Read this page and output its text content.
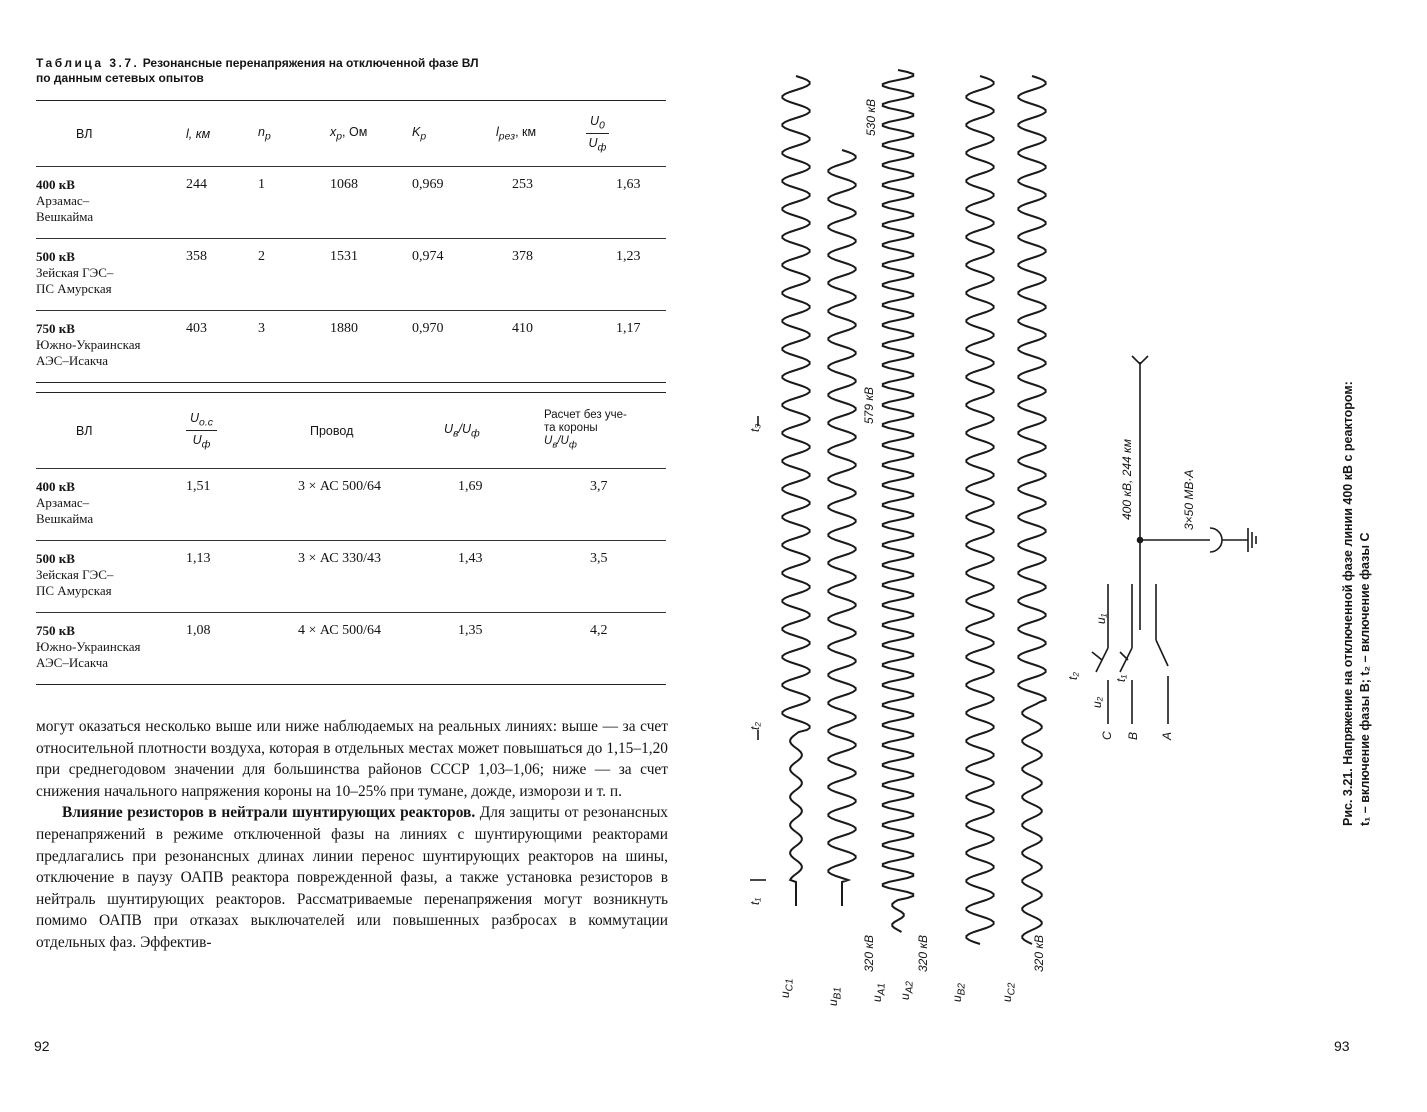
Таблица 3.7. Резонансные перенапряжения на отключенной фазе ВЛ
по данным сетевых опытов
ВЛ	l, км	$n_р$	$x_р$, Ом	$K_р$	$l_{рез}$, км	$\frac{U_0}{U_ф}$

400 кВ
Арзамас–
Вешкайма	244	1	1068	0,969	253	1,63
500 кВ
Зейская ГЭС–
ПС Амурская	358	2	1531	0,974	378	1,23
750 кВ
Южно-Украинская
АЭС–Исакча	403	3	1880	0,970	410	1,17
ВЛ	$\frac{U_{о.с}}{U_ф}$	Провод	$U_в/U_ф$	Расчет без уче-
та короны
$U_в/U_ф$
400 кВ
Арзамас–
Вешкайма	1,51	3 × АС 500/64	1,69	3,7
500 кВ
Зейская ГЭС–
ПС Амурская	1,13	3 × АС 330/43	1,43	3,5
750 кВ
Южно-Украинская
АЭС–Исакча	1,08	4 × АС 500/64	1,35	4,2

могут оказаться несколько выше или ниже наблюдаемых на реальных линиях: выше — за счет относительной плотности воздуха, которая в отдельных местах может повышаться до 1,15–1,20 при среднегодовом значении для большинства районов СССР 1,03–1,06; ниже — за счет снижения начального напряжения короны на 10–25% при тумане, дожде, изморози и т. п.

Влияние резисторов в нейтрали шунтирующих реакторов. Для защиты от резонансных перенапряжений в режиме отключенной фазы на линиях с шунтирующими реакторами предлагались при резонансных длинах линии перенос шунтирующих реакторов на шины, отключение в паузу ОАПВ реактора поврежденной фазы, а также установка резисторов в нейтраль шунтирующих реакторов. Рассматриваемые перенапряжения могут возникнуть помимо ОАПВ при отказах выключателей или повышенных разбросах в коммутации отдельных фаз. Эффектив-

92
t₁
t₂
t₃
530 кВ
579 кВ
320 кВ	320 кВ	320 кВ
$u_{C1}$
$u_{B1}$ $u_{A1}$
$u_{A2}$
$u_{B2}$
$u_{C2}$
400 кВ, 244 км	3×50 МВ·А
u₁
u₂
t₂	t₁
C B A	Рис. 3.21. Напряжение на отключенной фазе линии 400 кВ с реактором: t₁ – включение фазы B; t₂ – включение фазы C
93
